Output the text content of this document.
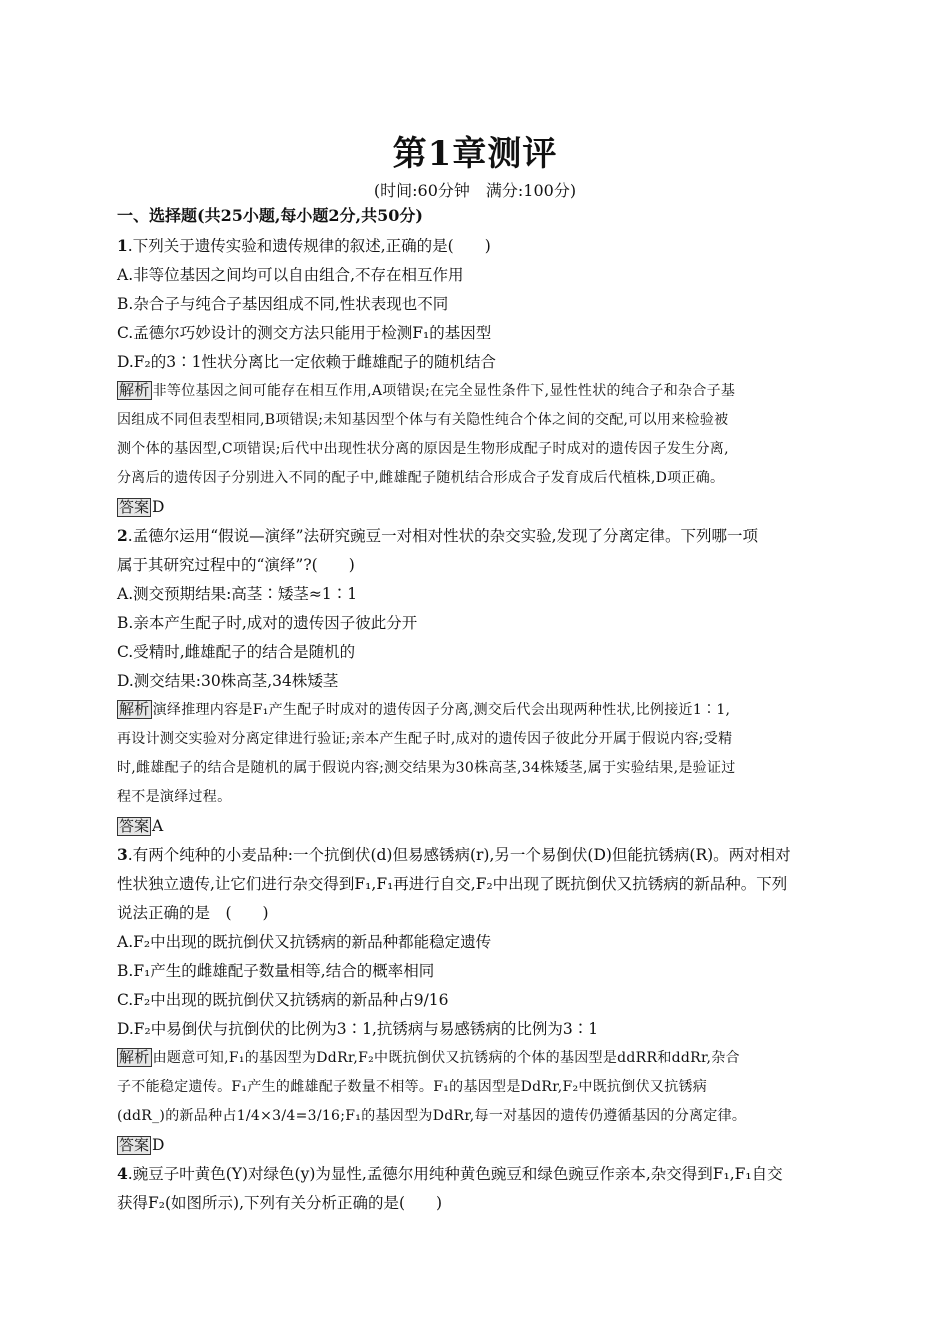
第1章测评
(时间:60分钟　满分:100分)
一、选择题(共25小题,每小题2分,共50分)
1.下列关于遗传实验和遗传规律的叙述,正确的是(　　)
A.非等位基因之间均可以自由组合,不存在相互作用
B.杂合子与纯合子基因组成不同,性状表现也不同
C.孟德尔巧妙设计的测交方法只能用于检测F₁的基因型
D.F₂的3∶1性状分离比一定依赖于雌雄配子的随机结合
解析 非等位基因之间可能存在相互作用,A项错误;在完全显性条件下,显性性状的纯合子和杂合子基
因组成不同但表型相同,B项错误;未知基因型个体与有关隐性纯合个体之间的交配,可以用来检验被
测个体的基因型,C项错误;后代中出现性状分离的原因是生物形成配子时成对的遗传因子发生分离,
分离后的遗传因子分别进入不同的配子中,雌雄配子随机结合形成合子发育成后代植株,D项正确。
答案 D
2.孟德尔运用“假说—演绎”法研究豌豆一对相对性状的杂交实验,发现了分离定律。下列哪一项
属于其研究过程中的“演绎”?(　　)
A.测交预期结果:高茎∶矮茎≈1∶1
B.亲本产生配子时,成对的遗传因子彼此分开
C.受精时,雌雄配子的结合是随机的
D.测交结果:30株高茎,34株矮茎
解析 演绎推理内容是F₁产生配子时成对的遗传因子分离,测交后代会出现两种性状,比例接近1∶1,
再设计测交实验对分离定律进行验证;亲本产生配子时,成对的遗传因子彼此分开属于假说内容;受精
时,雌雄配子的结合是随机的属于假说内容;测交结果为30株高茎,34株矮茎,属于实验结果,是验证过
程不是演绎过程。
答案 A
3.有两个纯种的小麦品种:一个抗倒伏(d)但易感锈病(r),另一个易倒伏(D)但能抗锈病(R)。两对相对
性状独立遗传,让它们进行杂交得到F₁,F₁再进行自交,F₂中出现了既抗倒伏又抗锈病的新品种。下列
说法正确的是　(　　)
A.F₂中出现的既抗倒伏又抗锈病的新品种都能稳定遗传
B.F₁产生的雌雄配子数量相等,结合的概率相同
C.F₂中出现的既抗倒伏又抗锈病的新品种占9/16
D.F₂中易倒伏与抗倒伏的比例为3∶1,抗锈病与易感锈病的比例为3∶1
解析 由题意可知,F₁的基因型为DdRr,F₂中既抗倒伏又抗锈病的个体的基因型是ddRR和ddRr,杂合
子不能稳定遗传。F₁产生的雌雄配子数量不相等。F₁的基因型是DdRr,F₂中既抗倒伏又抗锈病
(ddR_)的新品种占1/4×3/4=3/16;F₁的基因型为DdRr,每一对基因的遗传仍遵循基因的分离定律。
答案 D
4.豌豆子叶黄色(Y)对绿色(y)为显性,孟德尔用纯种黄色豌豆和绿色豌豆作亲本,杂交得到F₁,F₁自交
获得F₂(如图所示),下列有关分析正确的是(　　)
